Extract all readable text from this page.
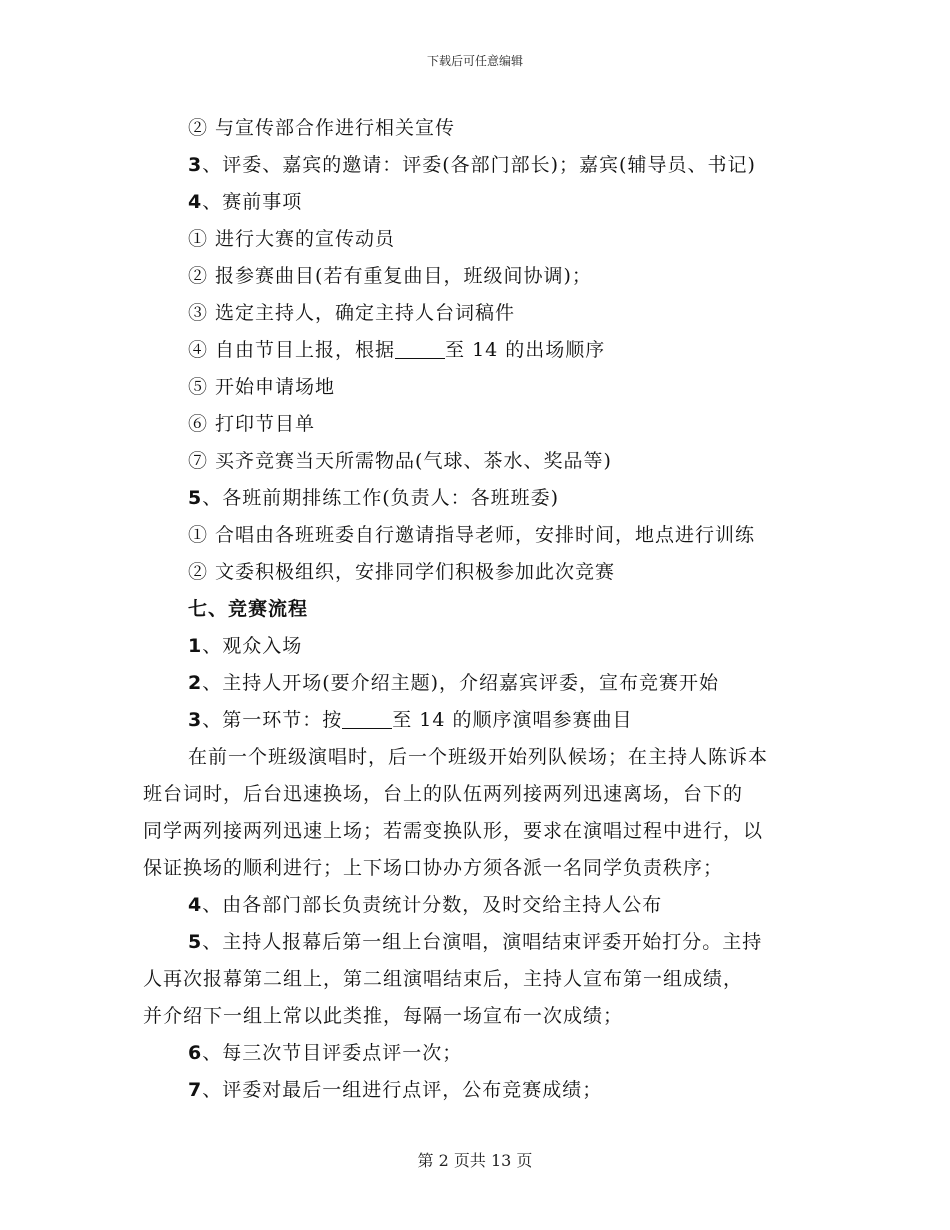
下载后可任意编辑
② 与宣传部合作进行相关宣传
3、评委、嘉宾的邀请：评委(各部门部长)；嘉宾(辅导员、书记)
4、赛前事项
① 进行大赛的宣传动员
② 报参赛曲目(若有重复曲目，班级间协调)；
③ 选定主持人，确定主持人台词稿件
④ 自由节目上报，根据	至 14 的出场顺序
⑤ 开始申请场地
⑥ 打印节目单
⑦ 买齐竞赛当天所需物品(气球、茶水、奖品等)
5、各班前期排练工作(负责人：各班班委)
① 合唱由各班班委自行邀请指导老师，安排时间，地点进行训练
② 文委积极组织，安排同学们积极参加此次竞赛
七、竞赛流程
1、观众入场
2、主持人开场(要介绍主题)，介绍嘉宾评委，宣布竞赛开始
3、第一环节：按	至 14 的顺序演唱参赛曲目
在前一个班级演唱时，后一个班级开始列队候场；在主持人陈诉本
班台词时，后台迅速换场，台上的队伍两列接两列迅速离场，台下的
同学两列接两列迅速上场；若需变换队形，要求在演唱过程中进行，以
保证换场的顺利进行；上下场口协办方须各派一名同学负责秩序；
4、由各部门部长负责统计分数，及时交给主持人公布
5、主持人报幕后第一组上台演唱，演唱结束评委开始打分。主持
人再次报幕第二组上，第二组演唱结束后，主持人宣布第一组成绩，
并介绍下一组上常以此类推，每隔一场宣布一次成绩；
6、每三次节目评委点评一次；
7、评委对最后一组进行点评，公布竞赛成绩；
第 2 页共 13 页
